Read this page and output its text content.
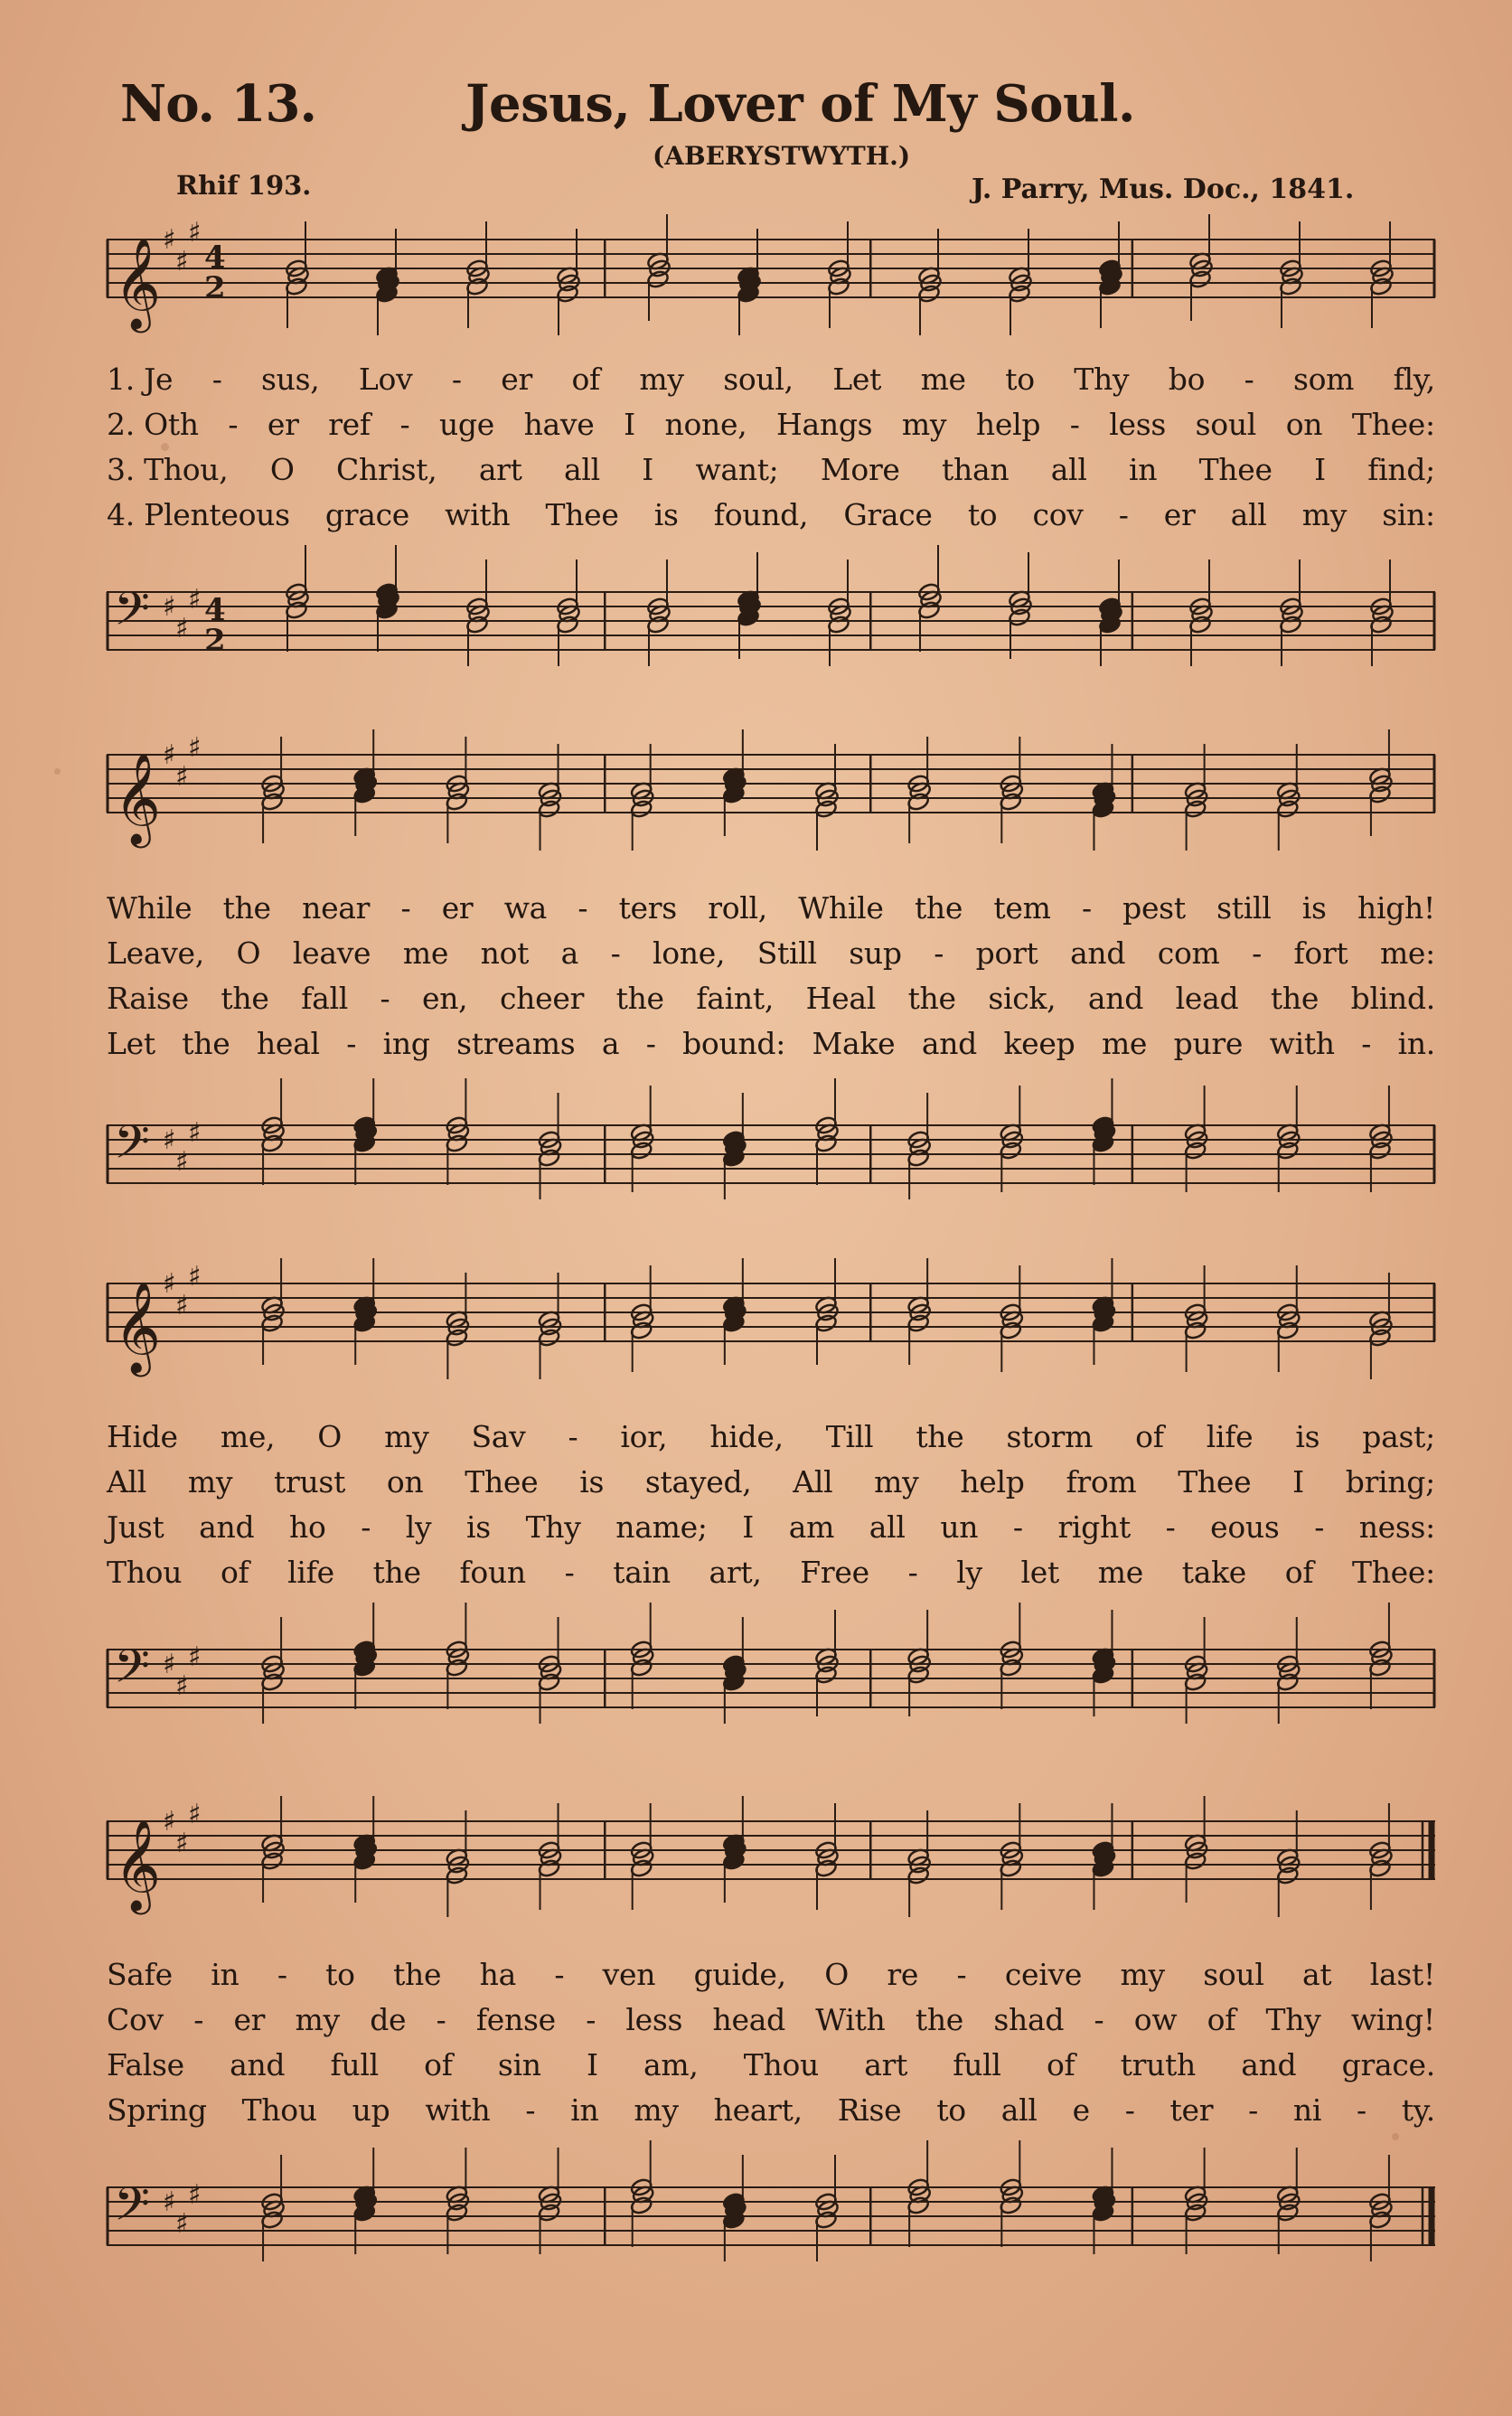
No. 13.	Jesus, Lover of My Soul.
(ABERYSTWYTH.)
Rhif 193.	J. Parry, Mus. Doc., 1841.
𝄞 ♯
♯
♯
4
2
1. Je - sus, Lov - er of my soul, Let me to Thy bo - som fly,
2. Oth - er ref - uge have I none, Hangs my help - less soul on Thee:
3. Thou, O Christ, art all I want; More than all in Thee I find;
4. Plenteous grace with Thee is found, Grace to cov - er all my sin:
𝄢 ♯
♯
♯ 4
2
𝄞 ♯
♯
♯
While the near - er wa - ters roll, While the tem - pest still is high!
Leave, O leave me not a - lone, Still sup - port and com - fort me:
Raise the fall - en, cheer the faint, Heal the sick, and lead the blind.
Let the heal - ing streams a - bound: Make and keep me pure with - in.
𝄢 ♯
♯
♯
𝄞 ♯
♯
♯
Hide me, O my Sav - ior, hide, Till the storm of life is past;
All my trust on Thee is stayed, All my help from Thee I bring;
Just and ho - ly is Thy name; I am all un - right - eous - ness:
Thou of life the foun - tain art, Free - ly let me take of Thee:
𝄢 ♯
♯
♯
𝄞 ♯
♯
♯
Safe in - to the ha - ven guide, O re - ceive my soul at last!
Cov - er my de - fense - less head With the shad - ow of Thy wing!
False and full of sin I am, Thou art full of truth and grace.
Spring Thou up with - in my heart, Rise to all e - ter - ni - ty.
𝄢 ♯
♯
♯
